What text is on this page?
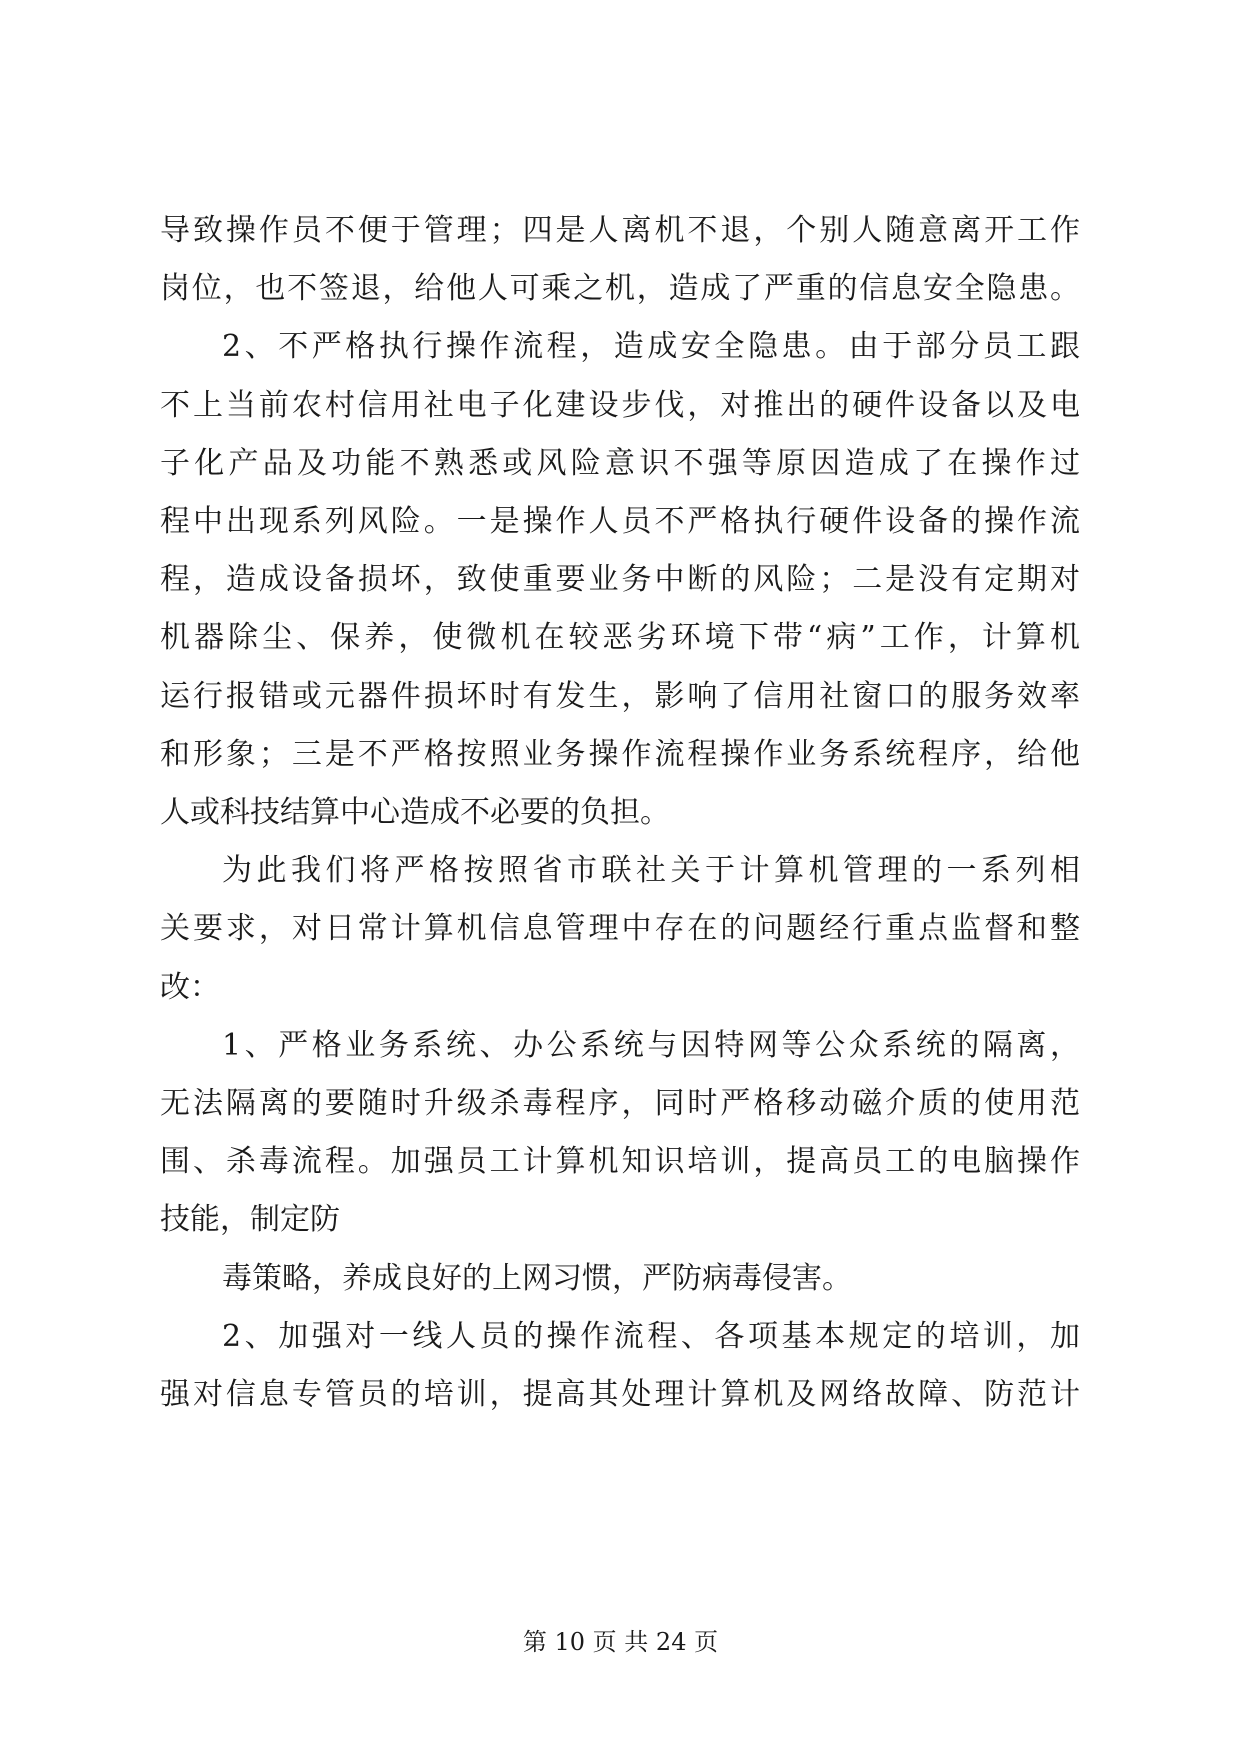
导致操作员不便于管理；四是人离机不退，个别人随意离开工作
岗位，也不签退，给他人可乘之机，造成了严重的信息安全隐患。
2、不严格执行操作流程，造成安全隐患。由于部分员工跟
不上当前农村信用社电子化建设步伐，对推出的硬件设备以及电
子化产品及功能不熟悉或风险意识不强等原因造成了在操作过
程中出现系列风险。一是操作人员不严格执行硬件设备的操作流
程，造成设备损坏，致使重要业务中断的风险；二是没有定期对
机器除尘、保养，使微机在较恶劣环境下带“病”工作，计算机
运行报错或元器件损坏时有发生，影响了信用社窗口的服务效率
和形象；三是不严格按照业务操作流程操作业务系统程序，给他
人或科技结算中心造成不必要的负担。
为此我们将严格按照省市联社关于计算机管理的一系列相
关要求，对日常计算机信息管理中存在的问题经行重点监督和整
改：
1、严格业务系统、办公系统与因特网等公众系统的隔离，
无法隔离的要随时升级杀毒程序，同时严格移动磁介质的使用范
围、杀毒流程。加强员工计算机知识培训，提高员工的电脑操作
技能，制定防
毒策略，养成良好的上网习惯，严防病毒侵害。
2、加强对一线人员的操作流程、各项基本规定的培训，加
强对信息专管员的培训，提高其处理计算机及网络故障、防范计
第 10 页 共 24 页
